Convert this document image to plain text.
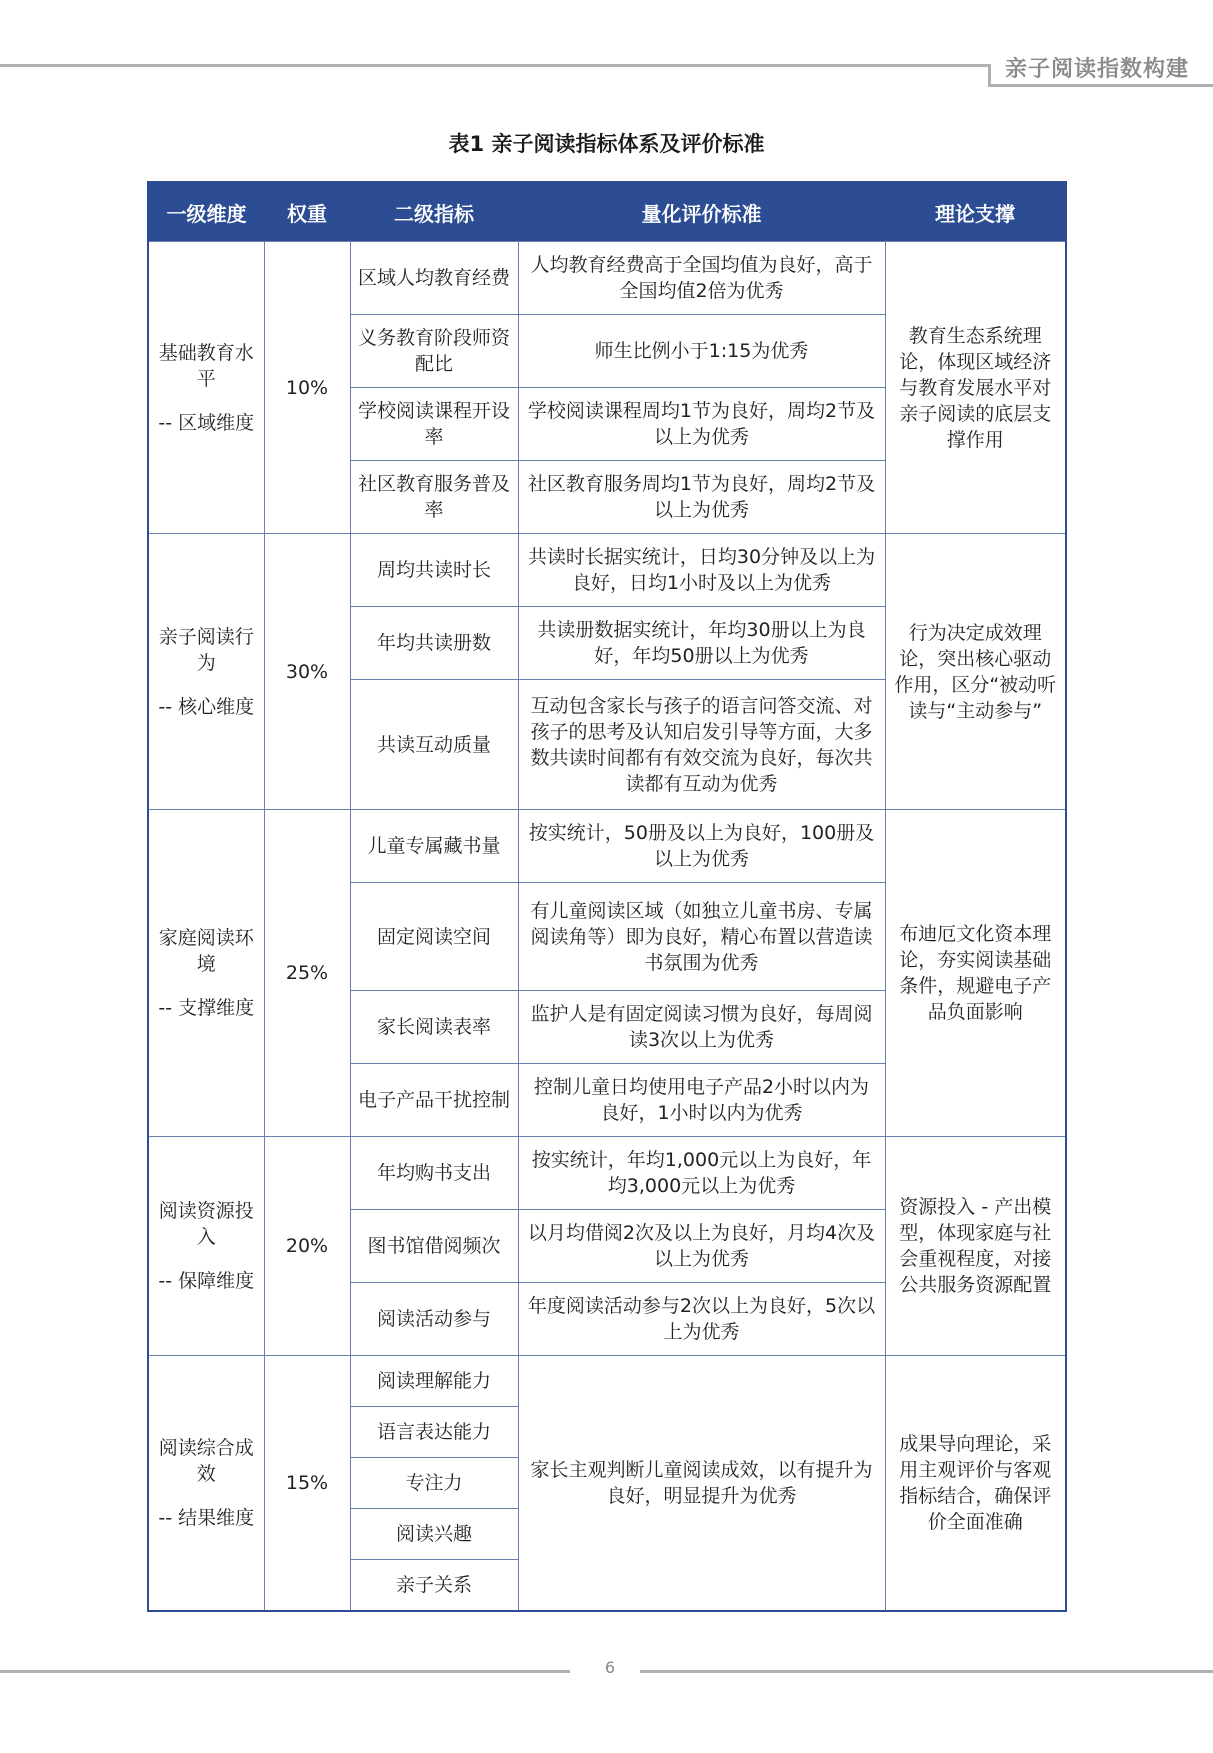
亲子阅读指数构建
表1 亲子阅读指标体系及评价标准
一级维度	权重	二级指标	量化评价标准	理论支撑

基础教育水平
-- 区域维度	10%	区域人均教育经费	人均教育经费高于全国均值为良好，高于全国均值2倍为优秀	教育生态系统理论，体现区域经济与教育发展水平对亲子阅读的底层支撑作用
		义务教育阶段师资配比	师生比例小于1:15为优秀	
		学校阅读课程开设率	学校阅读课程周均1节为良好，周均2节及以上为优秀	
		社区教育服务普及率	社区教育服务周均1节为良好，周均2节及以上为优秀	

亲子阅读行为
-- 核心维度	30%	周均共读时长	共读时长据实统计，日均30分钟及以上为良好，日均1小时及以上为优秀	行为决定成效理论，突出核心驱动作用，区分“被动听读与“主动参与”
		年均共读册数	共读册数据实统计，年均30册以上为良好，年均50册以上为优秀	
		共读互动质量	互动包含家长与孩子的语言问答交流、对孩子的思考及认知启发引导等方面，大多数共读时间都有有效交流为良好，每次共读都有互动为优秀	

家庭阅读环境
-- 支撑维度	25%	儿童专属藏书量	按实统计，50册及以上为良好，100册及以上为优秀	布迪厄文化资本理论，夯实阅读基础条件，规避电子产品负面影响
		固定阅读空间	有儿童阅读区域（如独立儿童书房、专属阅读角等）即为良好，精心布置以营造读书氛围为优秀	
		家长阅读表率	监护人是有固定阅读习惯为良好，每周阅读3次以上为优秀	
		电子产品干扰控制	控制儿童日均使用电子产品2小时以内为良好，1小时以内为优秀	

阅读资源投入
-- 保障维度	20%	年均购书支出	按实统计，年均1,000元以上为良好，年均3,000元以上为优秀	资源投入 - 产出模型，体现家庭与社会重视程度，对接公共服务资源配置
		图书馆借阅频次	以月均借阅2次及以上为良好，月均4次及以上为优秀	
		阅读活动参与	年度阅读活动参与2次以上为良好，5次以上为优秀	

阅读综合成效
-- 结果维度	15%	阅读理解能力	家长主观判断儿童阅读成效，以有提升为良好，明显提升为优秀	成果导向理论，采用主观评价与客观指标结合，确保评价全面准确
		语言表达能力		
		专注力		
		阅读兴趣		
		亲子关系		
6
